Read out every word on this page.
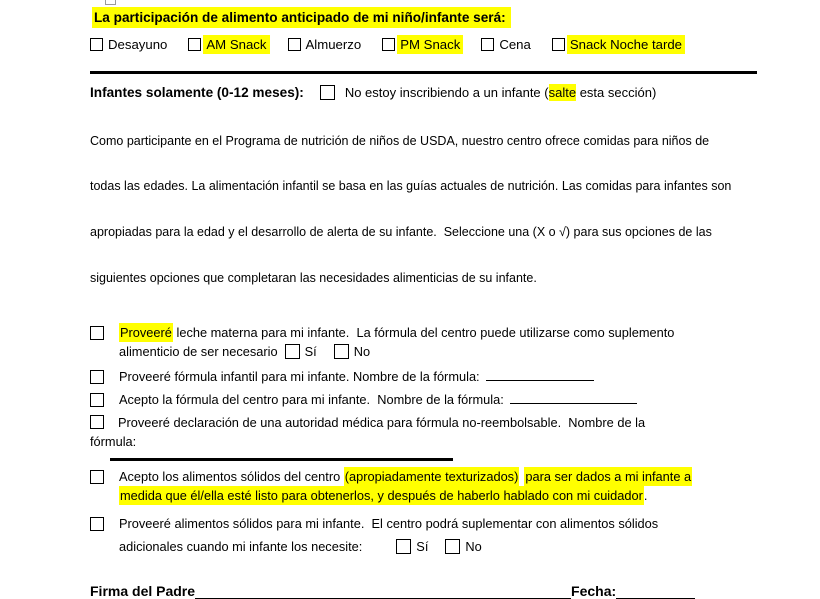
La participación de alimento anticipado de mi niño/infante será:
Desayuno	AM Snack	Almuerzo	PM Snack	Cena	Snack Noche tarde
Infantes solamente (0-12 meses):	No estoy inscribiendo a un infante (salte esta sección)

Como participante en el Programa de nutrición de niños de USDA, nuestro centro ofrece comidas para niños de

todas las edades. La alimentación infantil se basa en las guías actuales de nutrición. Las comidas para infantes son

apropiadas para la edad y el desarrollo de alerta de su infante.  Seleccione una (X o √) para sus opciones de las

siguientes opciones que completaran las necesidades alimenticias de su infante.

Proveeré leche materna para mi infante.  La fórmula del centro puede utilizarse como suplemento
alimenticio de ser necesario Sí	No
Proveeré fórmula infantil para mi infante. Nombre de la fórmula:
Acepto la fórmula del centro para mi infante.  Nombre de la fórmula:
Proveeré declaración de una autoridad médica para fórmula no-reembolsable.  Nombre de la
fórmula:
Acepto los alimentos sólidos del centro (apropiadamente texturizados) para ser dados a mi infante a
medida que él/ella esté listo para obtenerlos, y después de haberlo hablado con mi cuidador.
Proveeré alimentos sólidos para mi infante.  El centro podrá suplementar con alimentos sólidos
adicionales cuando mi infante los necesite:	Sí	No
Firma del Padre	Fecha:
